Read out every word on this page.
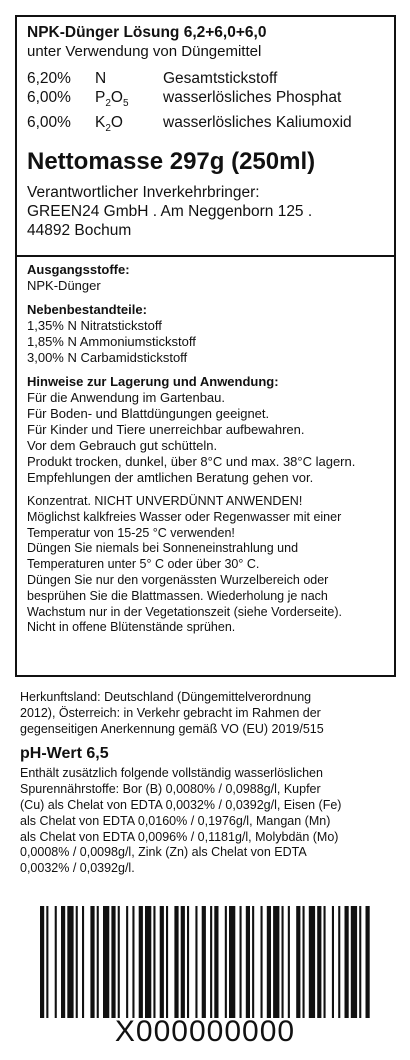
NPK-Dünger Lösung 6,2+6,0+6,0
unter Verwendung von Düngemittel
6,20%	N	Gesamtstickstoff
6,00%	$P_2O_5$	wasserlösliches Phosphat
6,00%	$K_2O$	wasserlösliches Kaliumoxid
Nettomasse 297g (250ml)
Verantwortlicher Inverkehrbringer:
GREEN24 GmbH . Am Neggenborn 125 .
44892 Bochum
Ausgangsstoffe:
NPK-Dünger
Nebenbestandteile:
1,35% N Nitratstickstoff
1,85% N Ammoniumstickstoff
3,00% N Carbamidstickstoff
Hinweise zur Lagerung und Anwendung:
Für die Anwendung im Gartenbau.
Für Boden- und Blattdüngungen geeignet.
Für Kinder und Tiere unerreichbar aufbewahren.
Vor dem Gebrauch gut schütteln.
Produkt trocken, dunkel, über 8°C und max. 38°C lagern.
Empfehlungen der amtlichen Beratung gehen vor.
Konzentrat. NICHT UNVERDÜNNT ANWENDEN!
Möglichst kalkfreies Wasser oder Regenwasser mit einer
Temperatur von 15-25 °C verwenden!
Düngen Sie niemals bei Sonneneinstrahlung und
Temperaturen unter 5° C oder über 30° C.
Düngen Sie nur den vorgenässten Wurzelbereich oder
besprühen Sie die Blattmassen. Wiederholung je nach
Wachstum nur in der Vegetationszeit (siehe Vorderseite).
Nicht in offene Blütenstände sprühen.
Herkunftsland: Deutschland (Düngemittelverordnung
2012), Österreich: in Verkehr gebracht im Rahmen der
gegenseitigen Anerkennung gemäß VO (EU) 2019/515
pH-Wert 6,5
Enthält zusätzlich folgende vollständig wasserlöslichen
Spurennährstoffe: Bor (B) 0,0080% / 0,0988g/l, Kupfer
(Cu) als Chelat von EDTA 0,0032% / 0,0392g/l, Eisen (Fe)
als Chelat von EDTA 0,0160% / 0,1976g/l, Mangan (Mn)
als Chelat von EDTA 0,0096% / 0,1181g/l, Molybdän (Mo)
0,0008% / 0,0098g/l, Zink (Zn) als Chelat von EDTA
0,0032% / 0,0392g/l.
X000000000
